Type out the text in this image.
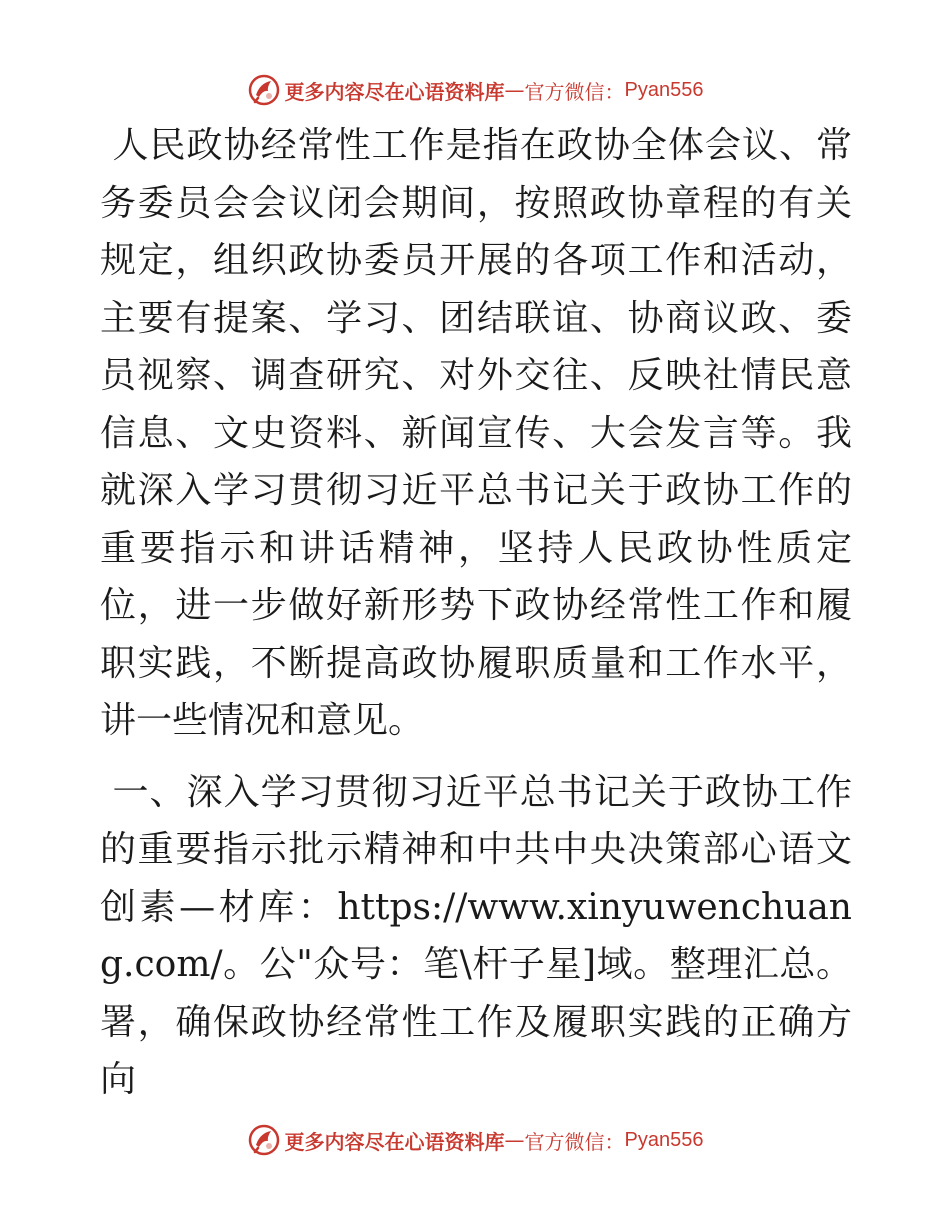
更多内容尽在心语资料库 — 官方微信： Pyan556

人民政协经常性工作是指在政协全体会议、常务委员会会议闭会期间，按照政协章程的有关规定，组织政协委员开展的各项工作和活动，主要有提案、学习、团结联谊、协商议政、委员视察、调查研究、对外交往、反映社情民意信息、文史资料、新闻宣传、大会发言等。我就深入学习贯彻习近平总书记关于政协工作的重要指示和讲话精神，坚持人民政协性质定位，进一步做好新形势下政协经常性工作和履职实践，不断提高政协履职质量和工作水平，讲一些情况和意见。

一、深入学习贯彻习近平总书记关于政协工作的重要指示批示精神和中共中央决策部心语文创素—材库：https://www.xinyuwenchuang.com/。公"众号：笔\杆子星]域。整理汇总。署，确保政协经常性工作及履职实践的正确方向

更多内容尽在心语资料库 — 官方微信： Pyan556
